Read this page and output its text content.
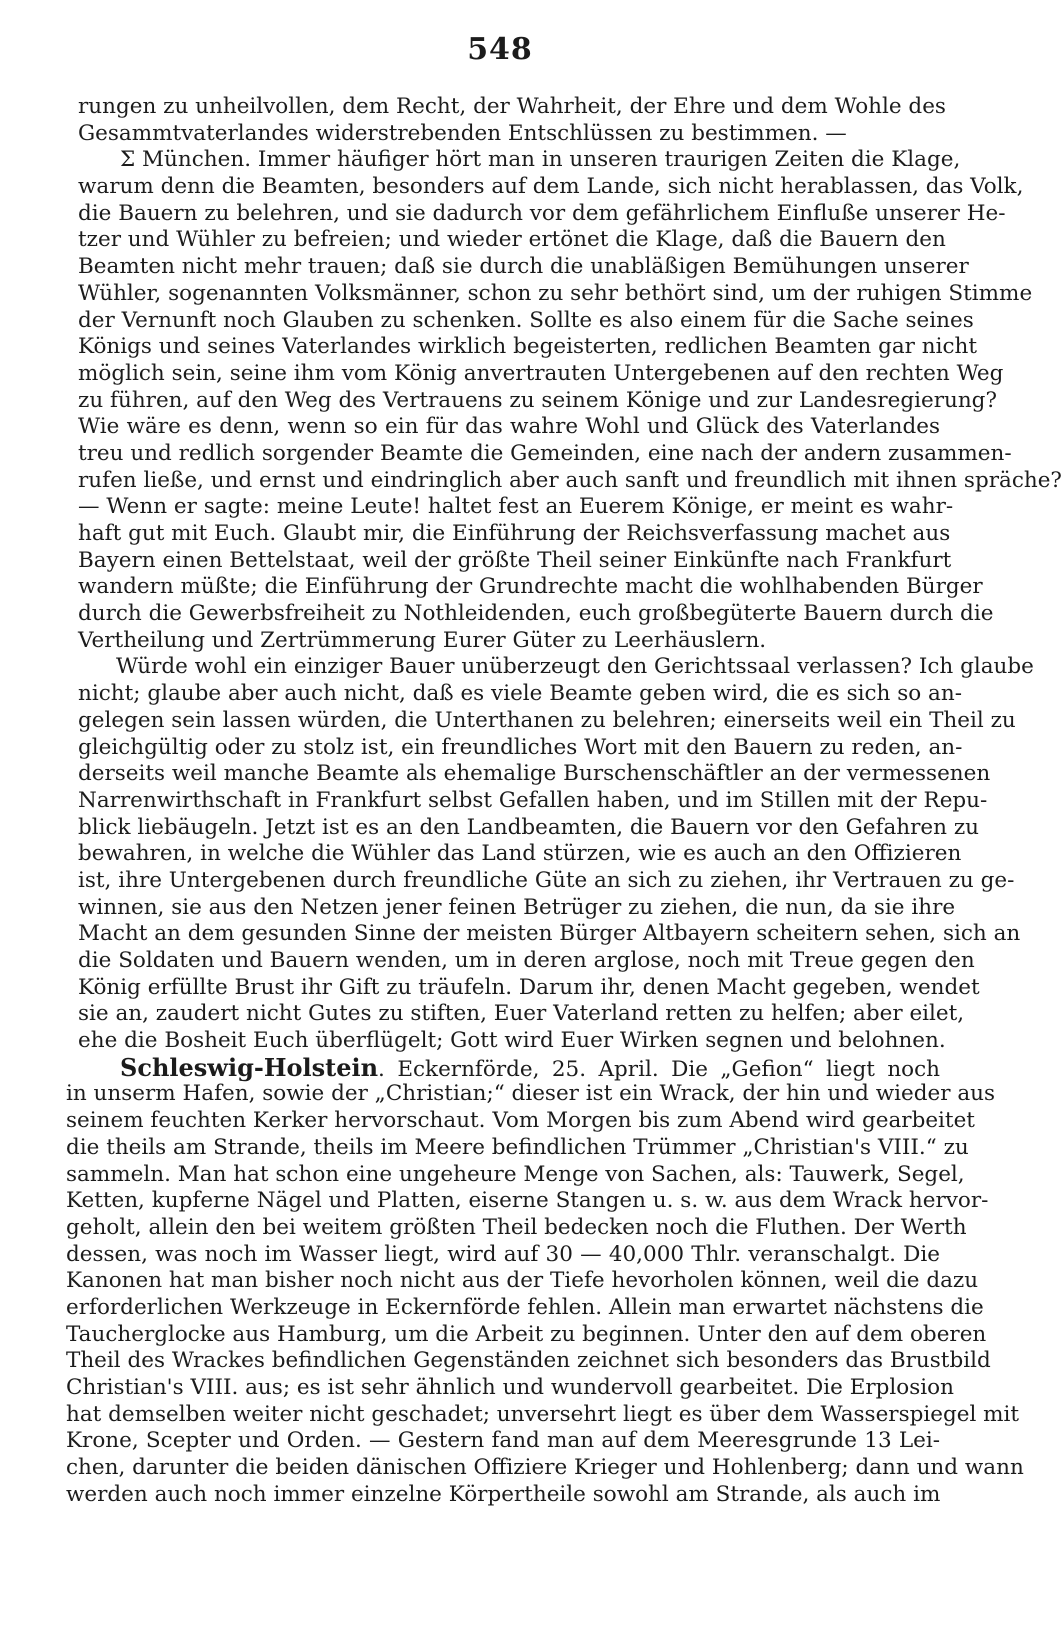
548
rungen zu unheilvollen, dem Recht, der Wahrheit, der Ehre und dem Wohle des
Gesammtvaterlandes widerstrebenden Entschlüssen zu bestimmen. —
Σ München. Immer häufiger hört man in unseren traurigen Zeiten die Klage,
warum denn die Beamten, besonders auf dem Lande, sich nicht herablassen, das Volk,
die Bauern zu belehren, und sie dadurch vor dem gefährlichem Einfluße unserer He-
tzer und Wühler zu befreien; und wieder ertönet die Klage, daß die Bauern den
Beamten nicht mehr trauen; daß sie durch die unabläßigen Bemühungen unserer
Wühler, sogenannten Volksmänner, schon zu sehr bethört sind, um der ruhigen Stimme
der Vernunft noch Glauben zu schenken. Sollte es also einem für die Sache seines
Königs und seines Vaterlandes wirklich begeisterten, redlichen Beamten gar nicht
möglich sein, seine ihm vom König anvertrauten Untergebenen auf den rechten Weg
zu führen, auf den Weg des Vertrauens zu seinem Könige und zur Landesregierung?
Wie wäre es denn, wenn so ein für das wahre Wohl und Glück des Vaterlandes
treu und redlich sorgender Beamte die Gemeinden, eine nach der andern zusammen-
rufen ließe, und ernst und eindringlich aber auch sanft und freundlich mit ihnen spräche?
— Wenn er sagte: meine Leute! haltet fest an Euerem Könige, er meint es wahr-
haft gut mit Euch. Glaubt mir, die Einführung der Reichsverfassung machet aus
Bayern einen Bettelstaat, weil der größte Theil seiner Einkünfte nach Frankfurt
wandern müßte; die Einführung der Grundrechte macht die wohlhabenden Bürger
durch die Gewerbsfreiheit zu Nothleidenden, euch großbegüterte Bauern durch die
Vertheilung und Zertrümmerung Eurer Güter zu Leerhäuslern.
Würde wohl ein einziger Bauer unüberzeugt den Gerichtssaal verlassen? Ich glaube
nicht; glaube aber auch nicht, daß es viele Beamte geben wird, die es sich so an-
gelegen sein lassen würden, die Unterthanen zu belehren; einerseits weil ein Theil zu
gleichgültig oder zu stolz ist, ein freundliches Wort mit den Bauern zu reden, an-
derseits weil manche Beamte als ehemalige Burschenschäftler an der vermessenen
Narrenwirthschaft in Frankfurt selbst Gefallen haben, und im Stillen mit der Repu-
blick liebäugeln. Jetzt ist es an den Landbeamten, die Bauern vor den Gefahren zu
bewahren, in welche die Wühler das Land stürzen, wie es auch an den Offizieren
ist, ihre Untergebenen durch freundliche Güte an sich zu ziehen, ihr Vertrauen zu ge-
winnen, sie aus den Netzen jener feinen Betrüger zu ziehen, die nun, da sie ihre
Macht an dem gesunden Sinne der meisten Bürger Altbayern scheitern sehen, sich an
die Soldaten und Bauern wenden, um in deren arglose, noch mit Treue gegen den
König erfüllte Brust ihr Gift zu träufeln. Darum ihr, denen Macht gegeben, wendet
sie an, zaudert nicht Gutes zu stiften, Euer Vaterland retten zu helfen; aber eilet,
ehe die Bosheit Euch überflügelt; Gott wird Euer Wirken segnen und belohnen.
Schleswig-Holstein. Eckernförde, 25. April. Die „Gefion“ liegt noch
in unserm Hafen, sowie der „Christian;“ dieser ist ein Wrack, der hin und wieder aus
seinem feuchten Kerker hervorschaut. Vom Morgen bis zum Abend wird gearbeitet
die theils am Strande, theils im Meere befindlichen Trümmer „Christian's VIII.“ zu
sammeln. Man hat schon eine ungeheure Menge von Sachen, als: Tauwerk, Segel,
Ketten, kupferne Nägel und Platten, eiserne Stangen u. s. w. aus dem Wrack hervor-
geholt, allein den bei weitem größten Theil bedecken noch die Fluthen. Der Werth
dessen, was noch im Wasser liegt, wird auf 30 — 40,000 Thlr. veranschalgt. Die
Kanonen hat man bisher noch nicht aus der Tiefe hevorholen können, weil die dazu
erforderlichen Werkzeuge in Eckernförde fehlen. Allein man erwartet nächstens die
Taucherglocke aus Hamburg, um die Arbeit zu beginnen. Unter den auf dem oberen
Theil des Wrackes befindlichen Gegenständen zeichnet sich besonders das Brustbild
Christian's VIII. aus; es ist sehr ähnlich und wundervoll gearbeitet. Die Erplosion
hat demselben weiter nicht geschadet; unversehrt liegt es über dem Wasserspiegel mit
Krone, Scepter und Orden. — Gestern fand man auf dem Meeresgrunde 13 Lei-
chen, darunter die beiden dänischen Offiziere Krieger und Hohlenberg; dann und wann
werden auch noch immer einzelne Körpertheile sowohl am Strande, als auch im
